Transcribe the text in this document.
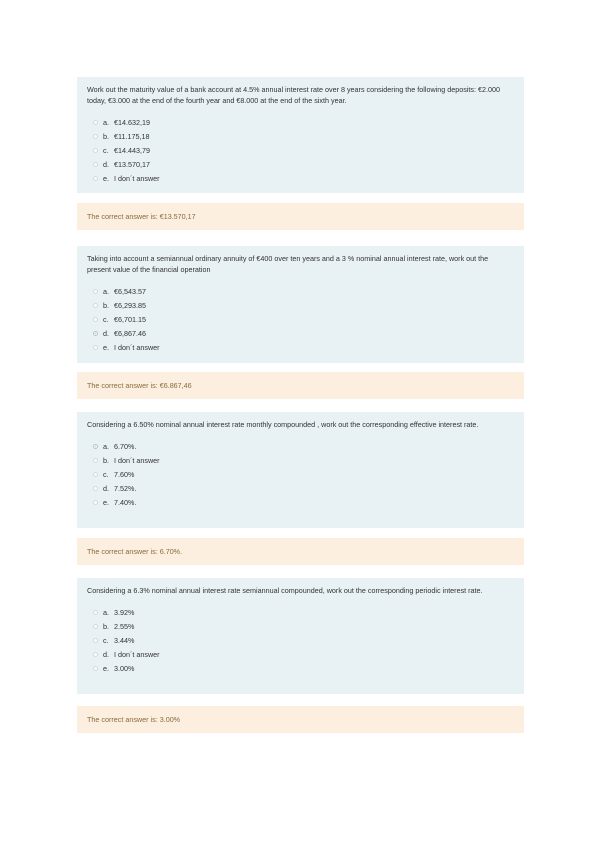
Work out the maturity value of a bank account at 4.5% annual interest rate over 8 years considering the following deposits: €2.000 today, €3.000 at the end of the fourth year and €8.000 at the end of the sixth year.

a. €14.632,19
b. €11.175,18
c. €14.443,79
d. €13.570,17
e. I don´t answer
The correct answer is: €13.570,17

Taking into account a semiannual ordinary annuity of €400 over ten years and a 3 % nominal annual interest rate, work out the present value of the financial operation

a. €6,543.57
b. €6,293.85
c. €6,701.15
d. €6,867.46
e. I don´t answer
The correct answer is: €6.867,46

Considering a 6.50% nominal annual interest rate monthly compounded , work out the corresponding effective interest rate.

a. 6.70%.
b. I don´t answer
c. 7.60%
d. 7.52%.
e. 7.40%.
The correct answer is: 6.70%.

Considering a 6.3% nominal annual interest rate semiannual compounded, work out the corresponding periodic interest rate.

a. 3.92%
b. 2.55%
c. 3.44%
d. I don´t answer
e. 3.00%
The correct answer is: 3.00%
